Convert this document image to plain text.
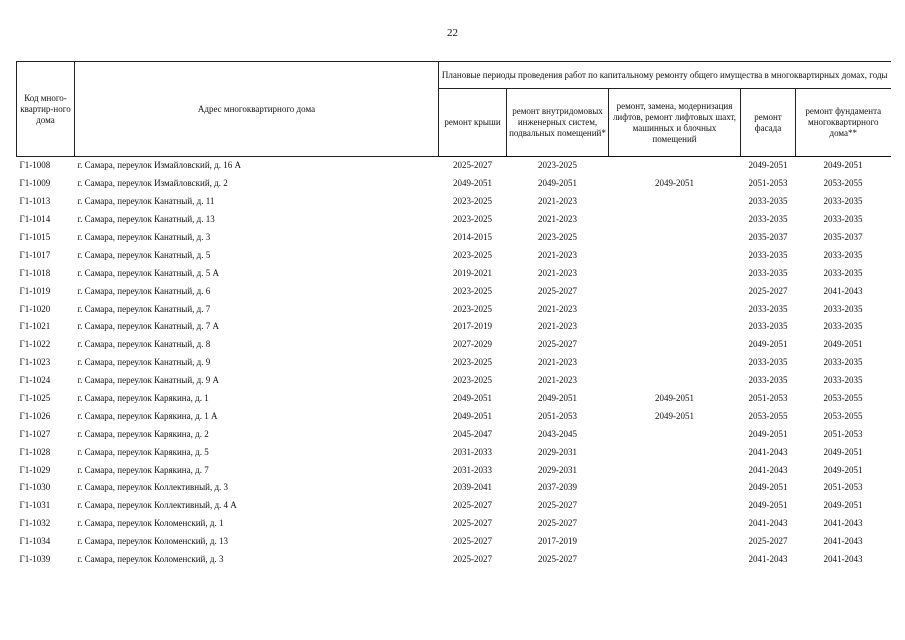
22
Код много-квартир-ного дома	Адрес многоквартирного дома	Плановые периоды проведения работ по капитальному ремонту общего имущества в многоквартирных домах, годы				
		ремонт крыши	ремонт внутридомовых инженерных систем, подвальных помещений*	ремонт, замена, модернизация лифтов, ремонт лифтовых шахт, машинных и блочных помещений	ремонт фасада	ремонт фундамента многоквартирного дома**
Г1-1008	г. Самара, переулок Измайловский, д. 16 А	2025-2027	2023-2025		2049-2051	2049-2051
Г1-1009	г. Самара, переулок Измайловский, д. 2	2049-2051	2049-2051	2049-2051	2051-2053	2053-2055
Г1-1013	г. Самара, переулок Канатный, д. 11	2023-2025	2021-2023		2033-2035	2033-2035
Г1-1014	г. Самара, переулок Канатный, д. 13	2023-2025	2021-2023		2033-2035	2033-2035
Г1-1015	г. Самара, переулок Канатный, д. 3	2014-2015	2023-2025		2035-2037	2035-2037
Г1-1017	г. Самара, переулок Канатный, д. 5	2023-2025	2021-2023		2033-2035	2033-2035
Г1-1018	г. Самара, переулок Канатный, д. 5 А	2019-2021	2021-2023		2033-2035	2033-2035
Г1-1019	г. Самара, переулок Канатный, д. 6	2023-2025	2025-2027		2025-2027	2041-2043
Г1-1020	г. Самара, переулок Канатный, д. 7	2023-2025	2021-2023		2033-2035	2033-2035
Г1-1021	г. Самара, переулок Канатный, д. 7 А	2017-2019	2021-2023		2033-2035	2033-2035
Г1-1022	г. Самара, переулок Канатный, д. 8	2027-2029	2025-2027		2049-2051	2049-2051
Г1-1023	г. Самара, переулок Канатный, д. 9	2023-2025	2021-2023		2033-2035	2033-2035
Г1-1024	г. Самара, переулок Канатный, д. 9 А	2023-2025	2021-2023		2033-2035	2033-2035
Г1-1025	г. Самара, переулок Карякина, д. 1	2049-2051	2049-2051	2049-2051	2051-2053	2053-2055
Г1-1026	г. Самара, переулок Карякина, д. 1 А	2049-2051	2051-2053	2049-2051	2053-2055	2053-2055
Г1-1027	г. Самара, переулок Карякина, д. 2	2045-2047	2043-2045		2049-2051	2051-2053
Г1-1028	г. Самара, переулок Карякина, д. 5	2031-2033	2029-2031		2041-2043	2049-2051
Г1-1029	г. Самара, переулок Карякина, д. 7	2031-2033	2029-2031		2041-2043	2049-2051
Г1-1030	г. Самара, переулок Коллективный, д. 3	2039-2041	2037-2039		2049-2051	2051-2053
Г1-1031	г. Самара, переулок Коллективный, д. 4 А	2025-2027	2025-2027		2049-2051	2049-2051
Г1-1032	г. Самара, переулок Коломенский, д. 1	2025-2027	2025-2027		2041-2043	2041-2043
Г1-1034	г. Самара, переулок Коломенский, д. 13	2025-2027	2017-2019		2025-2027	2041-2043
Г1-1039	г. Самара, переулок Коломенский, д. 3	2025-2027	2025-2027		2041-2043	2041-2043
